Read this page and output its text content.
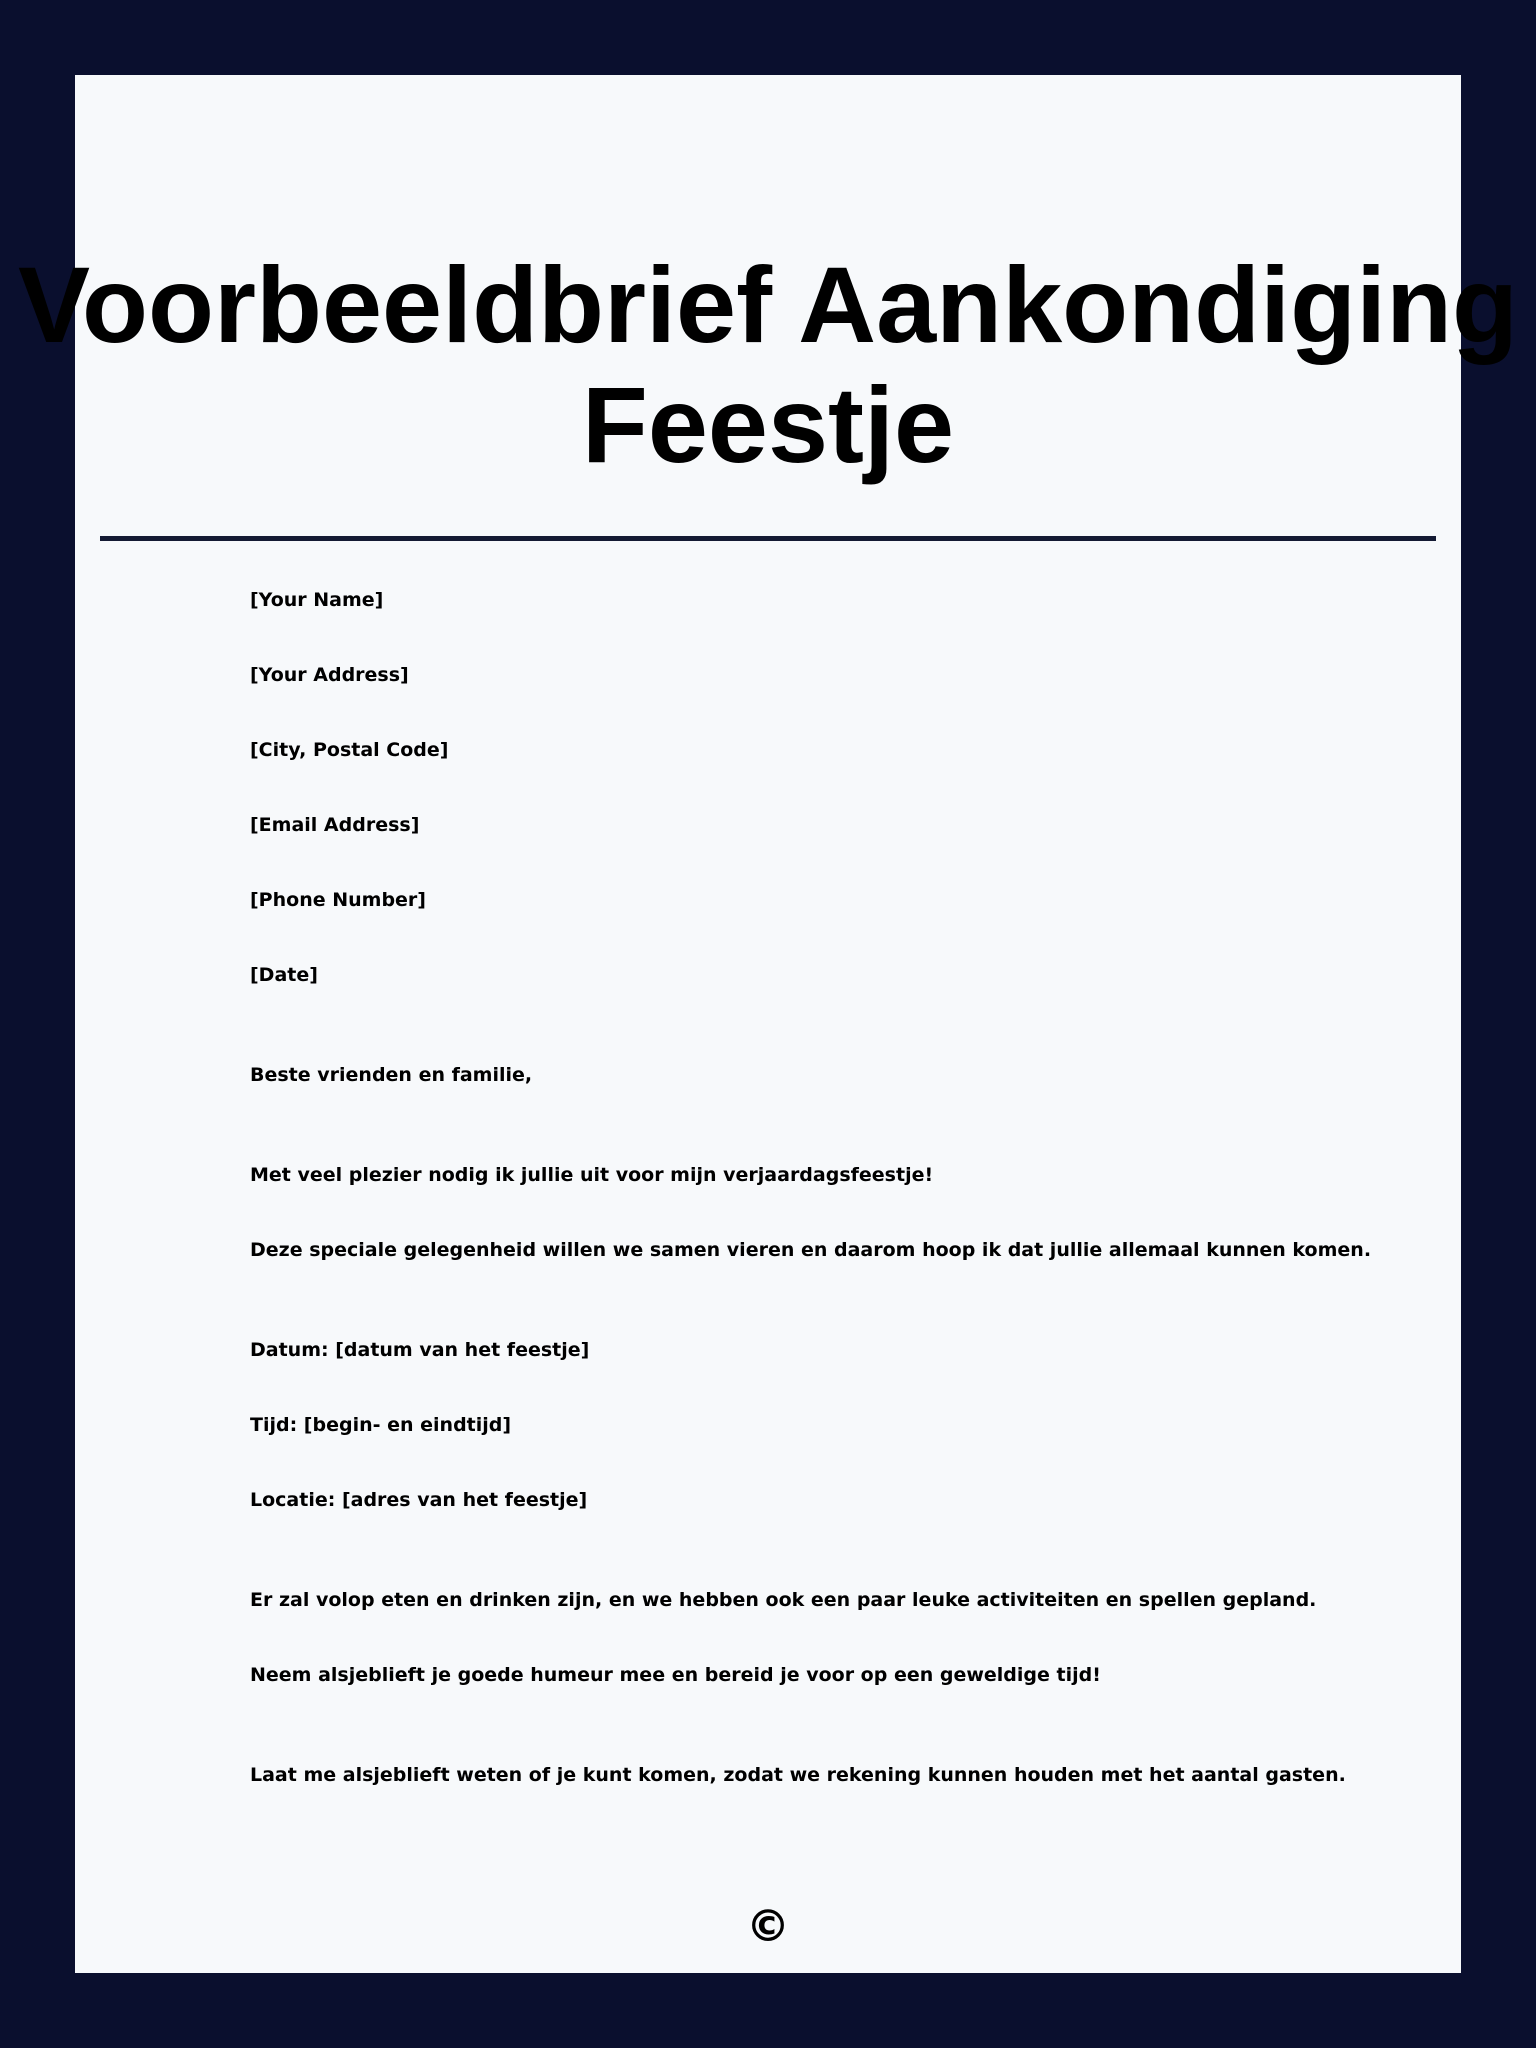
Voorbeeldbrief Aankondiging
Feestje

[Your Name]

[Your Address]

[City, Postal Code]

[Email Address]

[Phone Number]

[Date]

Beste vrienden en familie,

Met veel plezier nodig ik jullie uit voor mijn verjaardagsfeestje!

Deze speciale gelegenheid willen we samen vieren en daarom hoop ik dat jullie allemaal kunnen komen.

Datum: [datum van het feestje]

Tijd: [begin- en eindtijd]

Locatie: [adres van het feestje]

Er zal volop eten en drinken zijn, en we hebben ook een paar leuke activiteiten en spellen gepland.

Neem alsjeblieft je goede humeur mee en bereid je voor op een geweldige tijd!

Laat me alsjeblieft weten of je kunt komen, zodat we rekening kunnen houden met het aantal gasten.

©
